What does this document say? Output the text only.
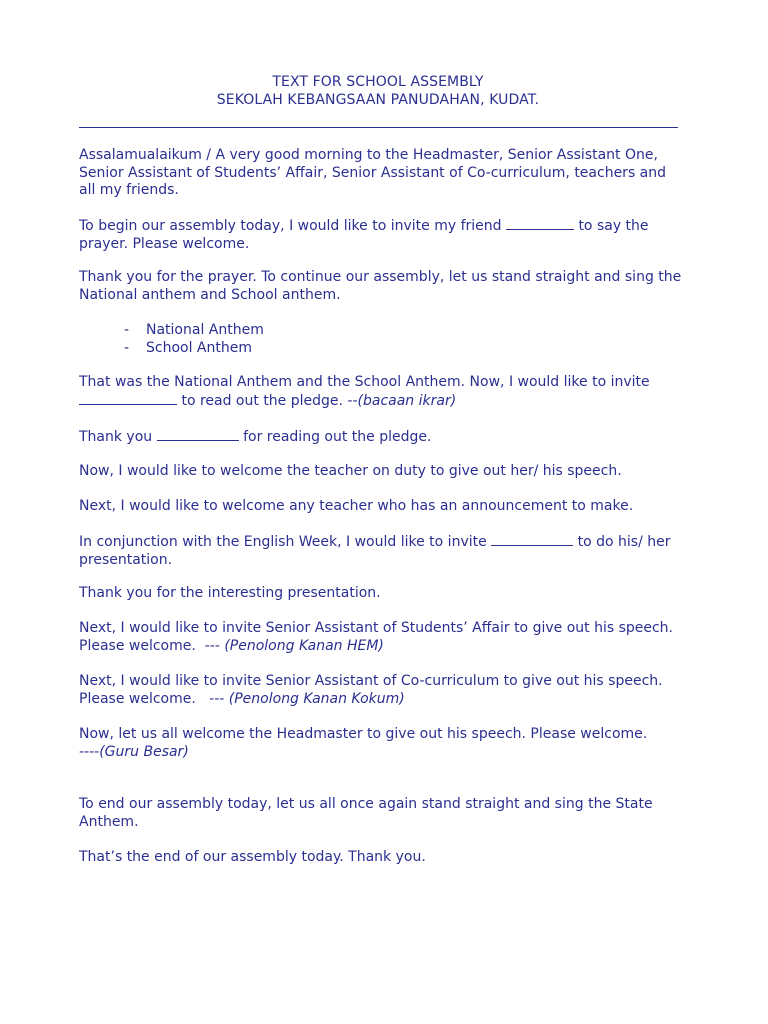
TEXT FOR SCHOOL ASSEMBLY
SEKOLAH KEBANGSAAN PANUDAHAN, KUDAT.

Assalamualaikum / A very good morning to the Headmaster, Senior Assistant One, Senior Assistant of Students’ Affair, Senior Assistant of Co-curriculum, teachers and all my friends.

To begin our assembly today, I would like to invite my friend	to say the prayer. Please welcome.

Thank you for the prayer. To continue our assembly, let us stand straight and sing the National anthem and School anthem.

- National Anthem
- School Anthem

That was the National Anthem and the School Anthem. Now, I would like to invite  to read out the pledge. --(bacaan ikrar)

Thank you	for reading out the pledge.

Now, I would like to welcome the teacher on duty to give out her/ his speech.

Next, I would like to welcome any teacher who has an announcement to make.

In conjunction with the English Week, I would like to invite	to do his/ her presentation.

Thank you for the interesting presentation.

Next, I would like to invite Senior Assistant of Students’ Affair to give out his speech. Please welcome. --- (Penolong Kanan HEM)

Next, I would like to invite Senior Assistant of Co-curriculum to give out his speech. Please welcome. --- (Penolong Kanan Kokum)

Now, let us all welcome the Headmaster to give out his speech. Please welcome.
----(Guru Besar)

To end our assembly today, let us all once again stand straight and sing the State Anthem.

That’s the end of our assembly today. Thank you.
